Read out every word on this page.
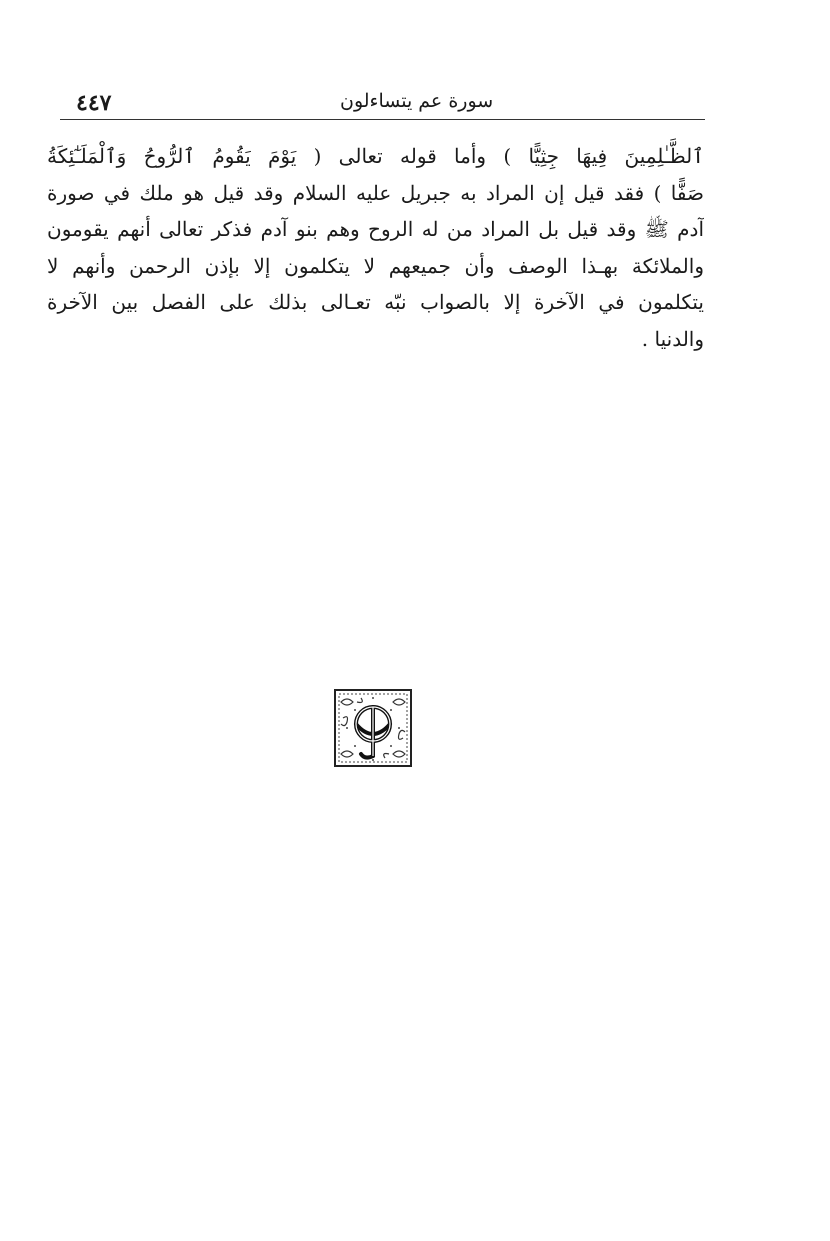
٤٤٧	سورة عم يتساءلون
ٱلظَّـٰلِمِينَ فِيهَا جِثِيًّا ) وأما قوله تعالى ( يَوْمَ يَقُومُ ٱلرُّوحُ وَٱلْمَلَـٰٓئِكَةُ
صَفًّا ) فقد قيل إن المراد به جبريل عليه السلام وقد قيل هو ملك في صورة
آدم ﷺ وقد قيل بل المراد من له الروح وهم بنو آدم فذكر تعالى أنهم يقومون
والملائكة بهـذا الوصف وأن جميعهم لا يتكلمون إلا بإذن الرحمن وأنهم لا
يتكلمون في الآخرة إلا بالصواب نبّه تعـالى بذلك على الفصل بين الآخرة
والدنيا .
